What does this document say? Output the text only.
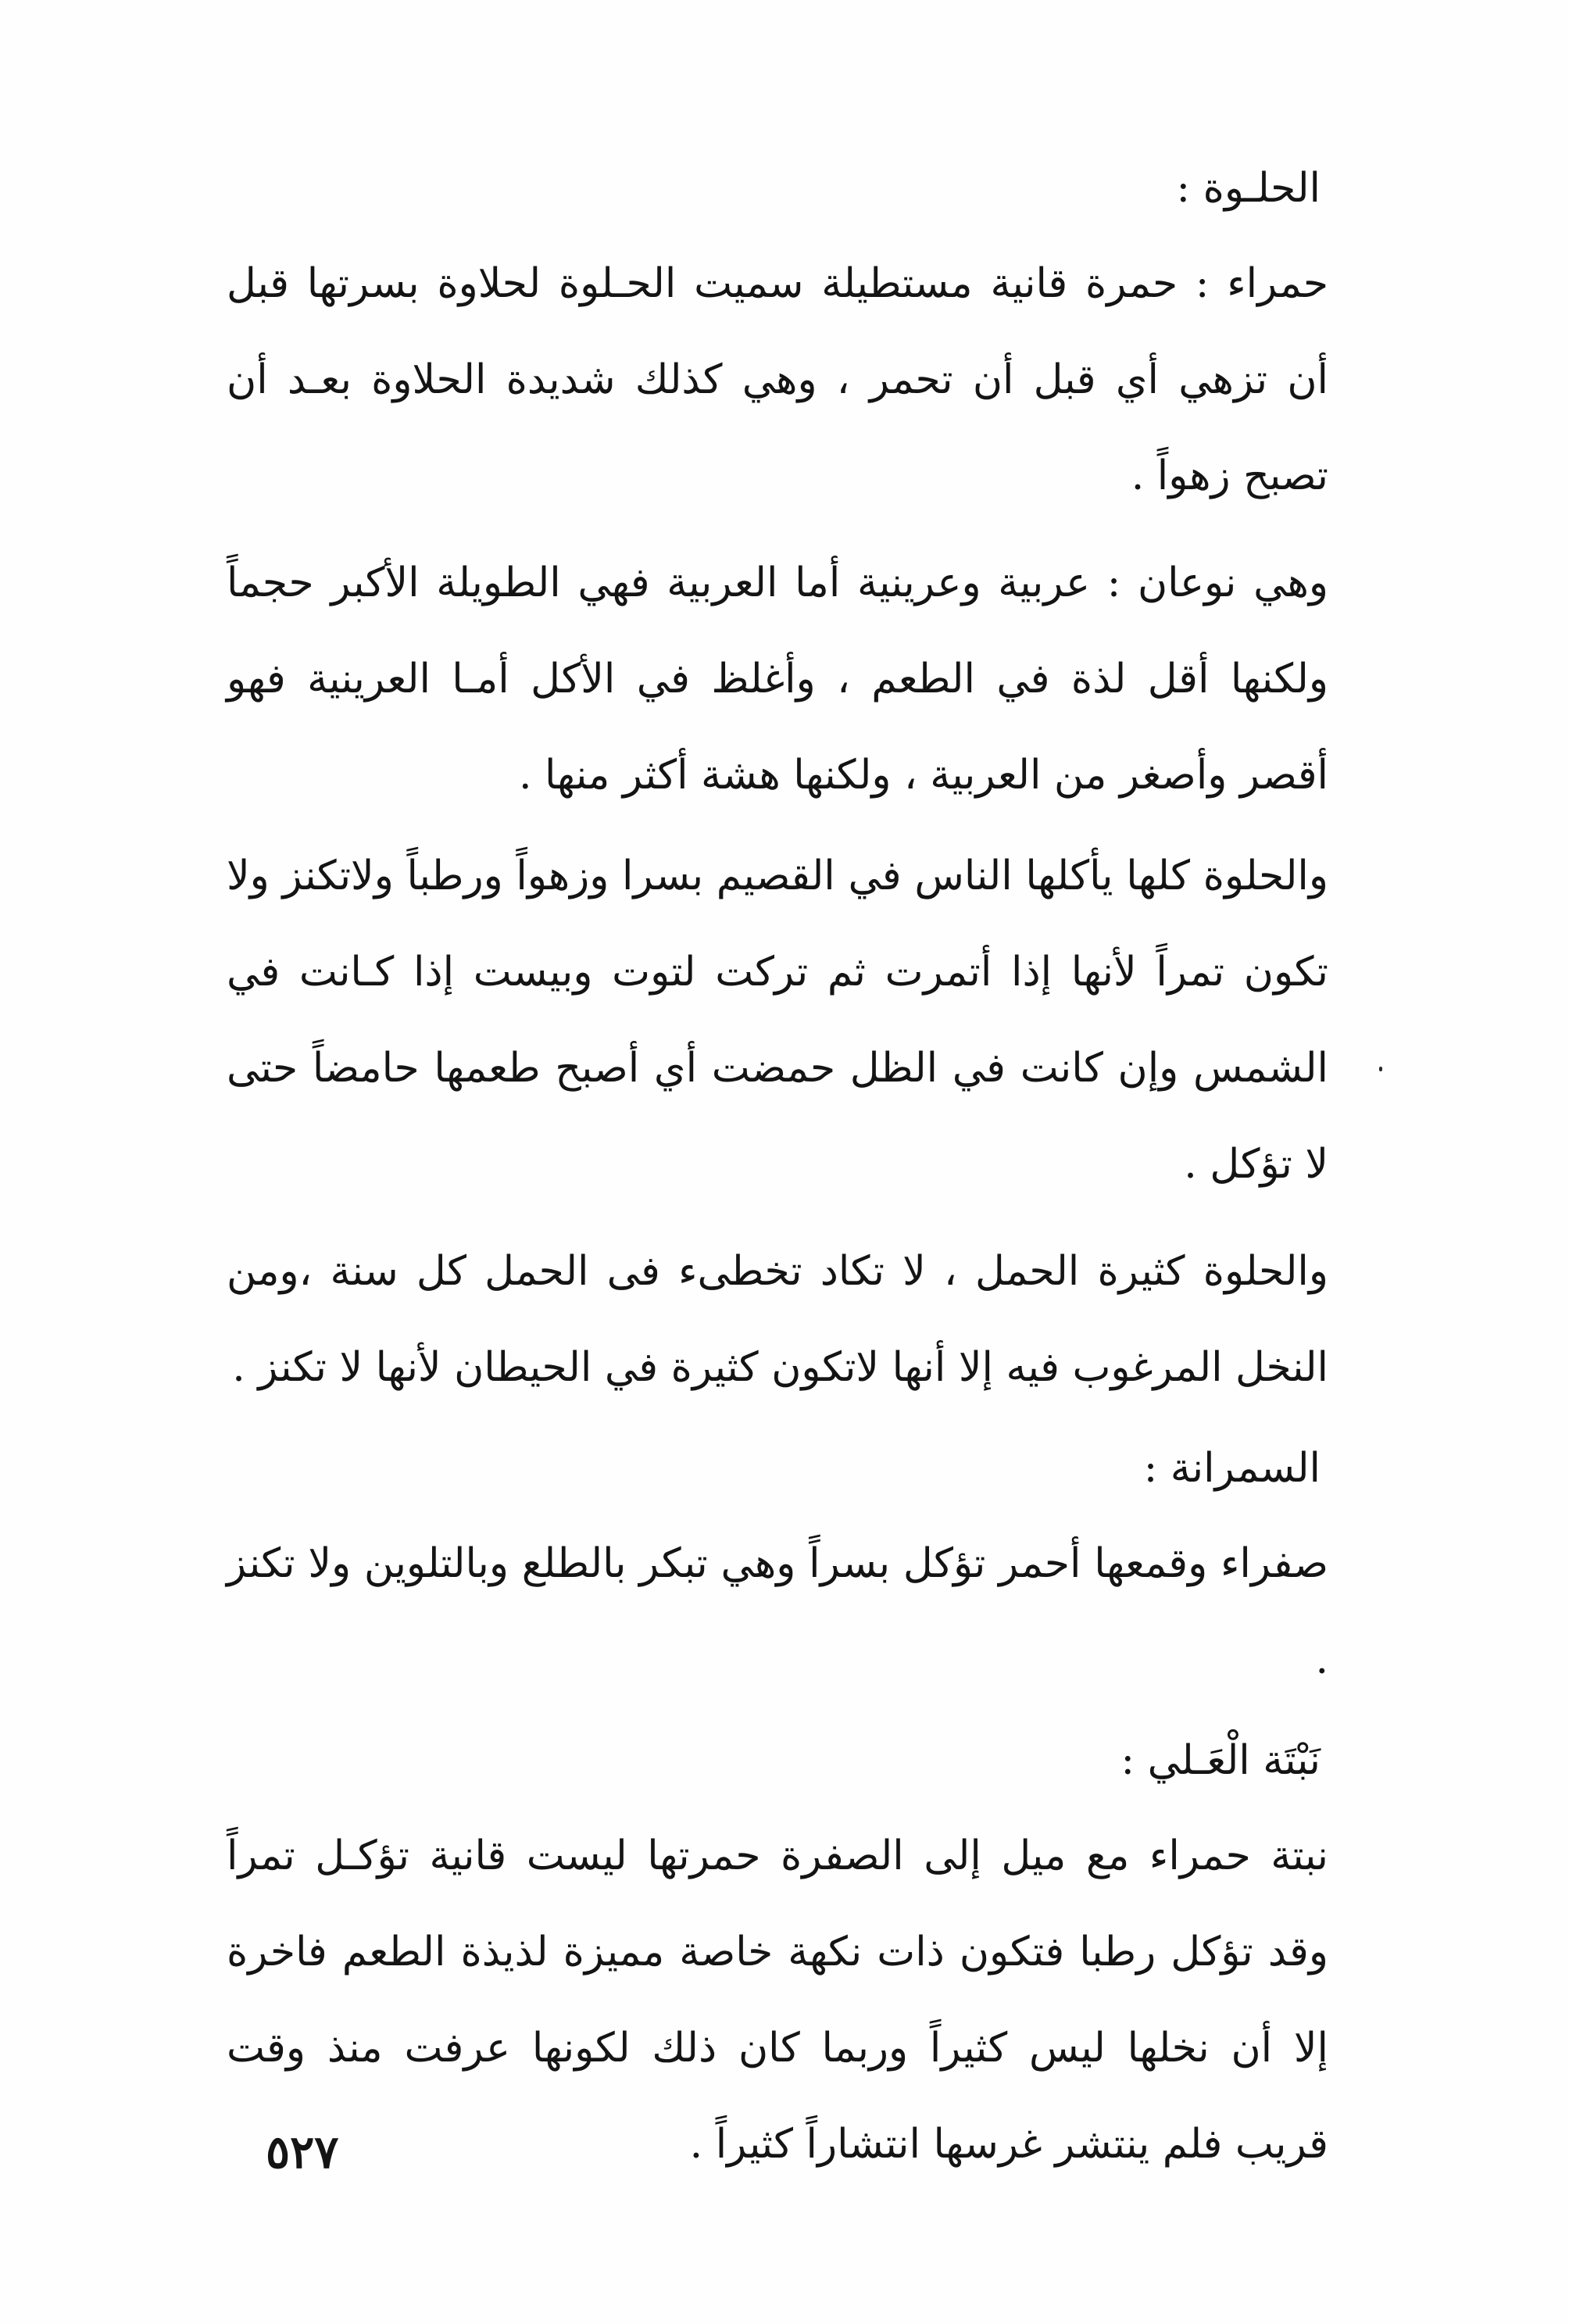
الحلـوة :

حمراء : حمرة قانية مستطيلة سميت الحـلوة لحلاوة بسرتها قبل أن تزهي أي قبل أن تحمر ، وهي كذلك شديدة الحلاوة بعـد أن تصبح زهواً .

وهي نوعان : عربية وعرينية أما العربية فهي الطويلة الأكبر حجماً ولكنها أقل لذة في الطعم ، وأغلظ في الأكل أمـا العرينية فهو أقصر وأصغر من العربية ، ولكنها هشة أكثر منها .

والحلوة كلها يأكلها الناس في القصيم بسرا وزهواً ورطباً ولاتكنز ولا تكون تمراً لأنها إذا أتمرت ثم تركت لتوت وبيست إذا كـانت في الشمس وإن كانت في الظل حمضت أي أصبح طعمها حامضاً حتى لا تؤكل .

والحلوة كثيرة الحمل ، لا تكاد تخطىء فى الحمل كل سنة ،ومن النخل المرغوب فيه إلا أنها لاتكون كثيرة في الحيطان لأنها لا تكنز .

السمرانة :

صفراء وقمعها أحمر تؤكل بسراً وهي تبكر بالطلع وبالتلوين ولا تكنز .

نَبْتَة الْعَـلي :

نبتة حمراء مع ميل إلى الصفرة حمرتها ليست قانية تؤكـل تمراً وقد تؤكل رطبا فتكون ذات نكهة خاصة مميزة لذيذة الطعم فاخرة إلا أن نخلها ليس كثيراً وربما كان ذلك لكونها عرفت منذ وقت قريب فلم ينتشر غرسها انتشاراً كثيراً .

٥٢٧
